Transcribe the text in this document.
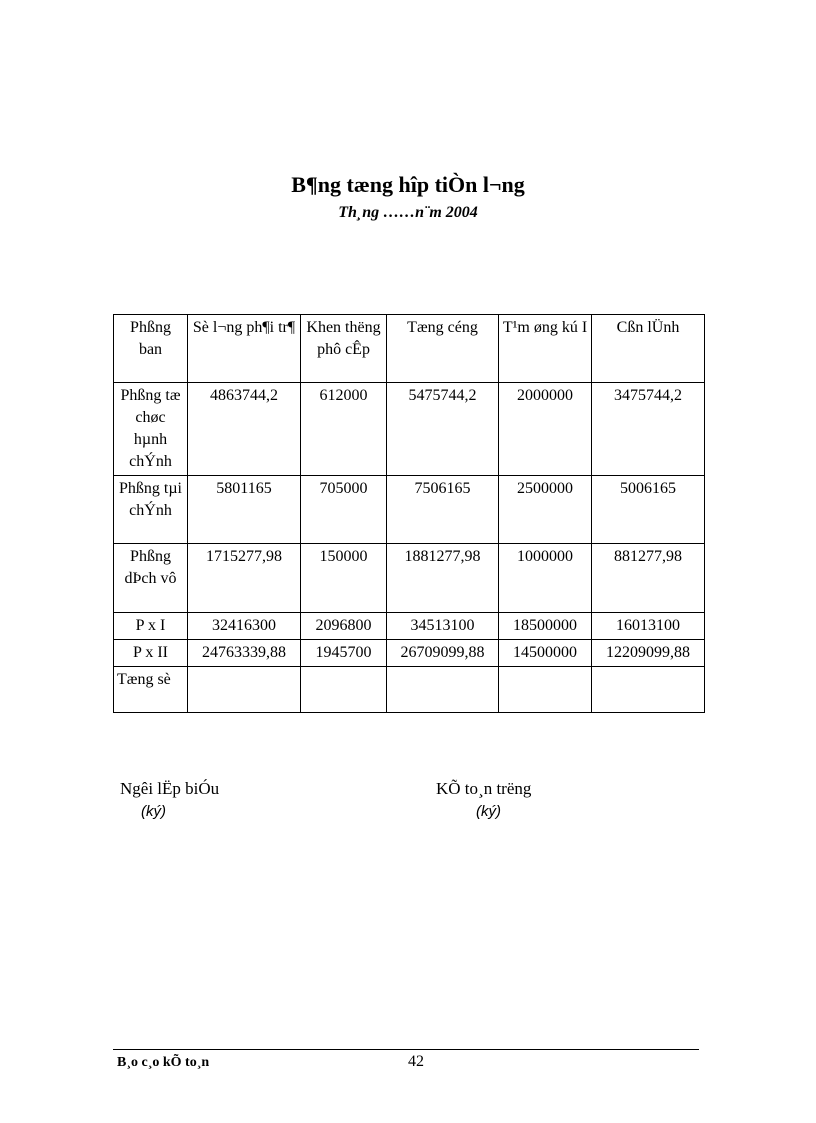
B¶ng tæng hîp tiÒn l¬ng
Th¸ng ……n¨m 2004
Phßng ban	Sè l¬ng ph¶i tr¶	Khen thëng phô cÊp	Tæng céng	T¹m øng kú I	Cßn lÜnh
Phßng tæ chøc hµnh chÝnh	4863744,2	612000	5475744,2	2000000	3475744,2
Phßng tµi chÝnh	5801165	705000	7506165	2500000	5006165
Phßng dÞch vô	1715277,98	150000	1881277,98	1000000	881277,98
P x I	32416300	2096800	34513100	18500000	16013100
P x II	24763339,88	1945700	26709099,88	14500000	12209099,88
Tæng sè					
Ngêi lËp biÓu
(ký)
KÕ to¸n trëng
(ký)
B¸o c¸o kÕ to¸n	42
